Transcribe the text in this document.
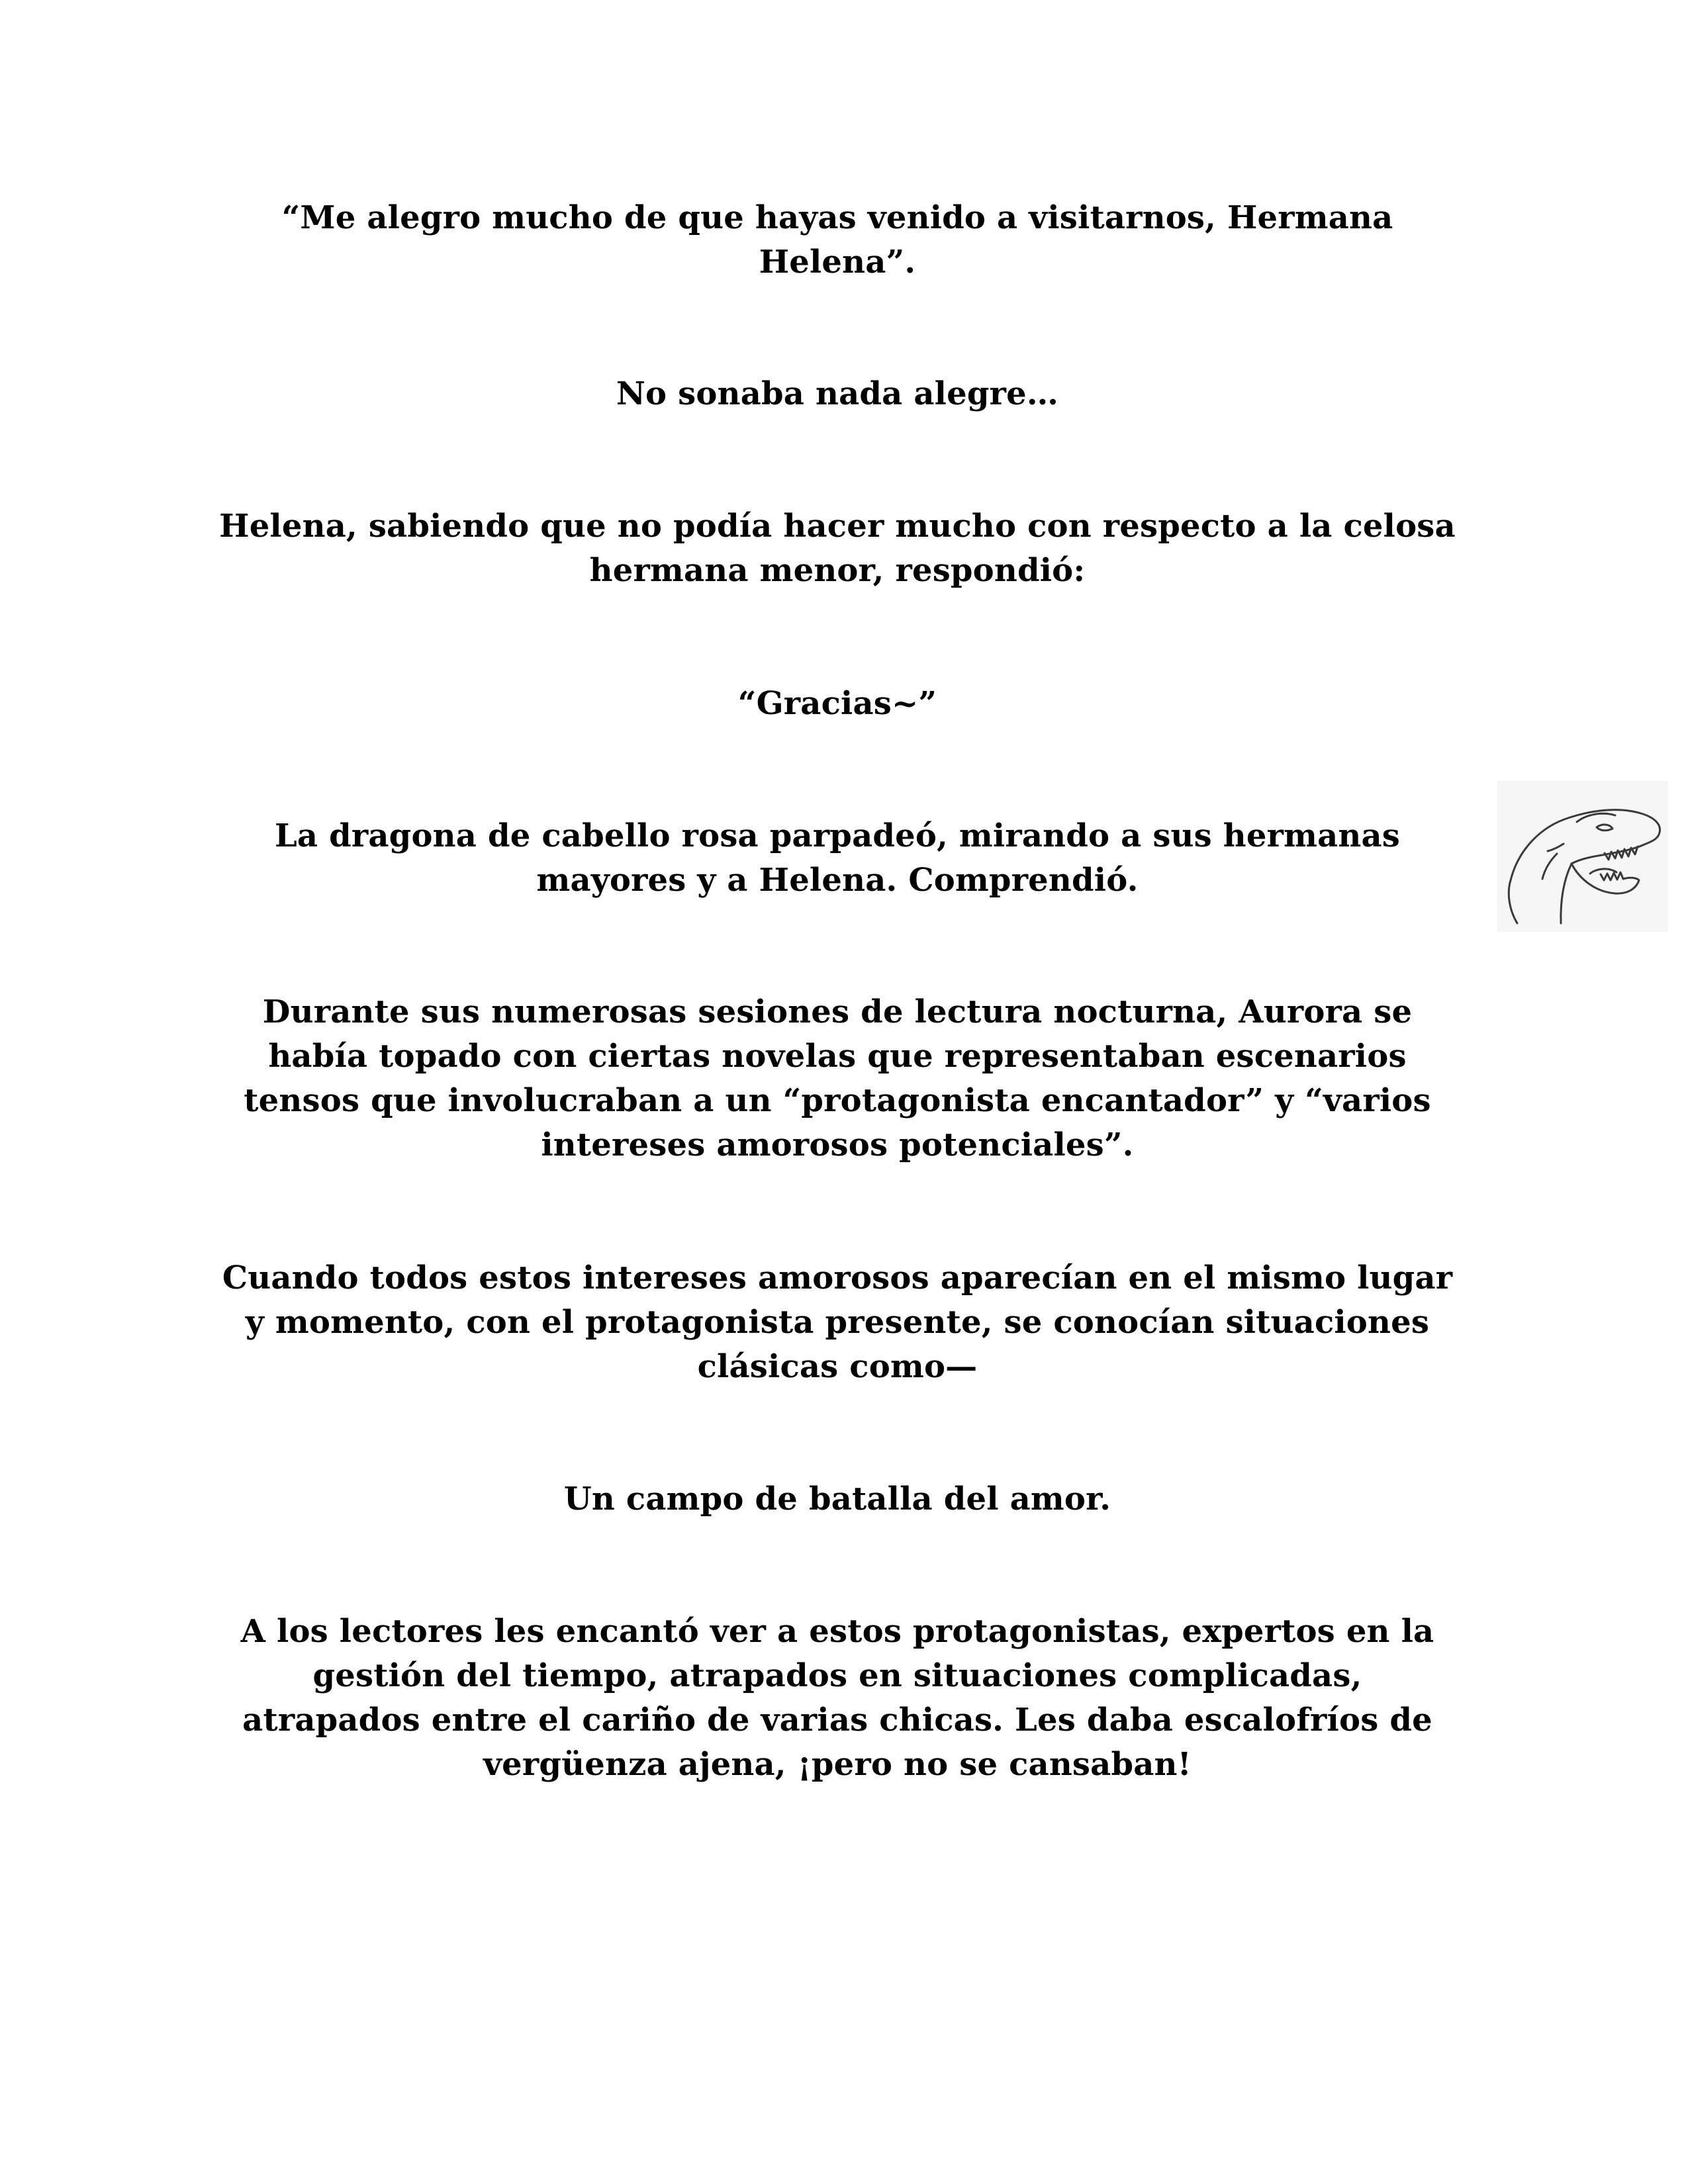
“Me alegro mucho de que hayas venido a visitarnos, Hermana Helena”.

No sonaba nada alegre…

Helena, sabiendo que no podía hacer mucho con respecto a la celosa hermana menor, respondió:

“Gracias~”

La dragona de cabello rosa parpadeó, mirando a sus hermanas mayores y a Helena. Comprendió.

Durante sus numerosas sesiones de lectura nocturna, Aurora se había topado con ciertas novelas que representaban escenarios tensos que involucraban a un “protagonista encantador” y “varios intereses amorosos potenciales”.

Cuando todos estos intereses amorosos aparecían en el mismo lugar y momento, con el protagonista presente, se conocían situaciones clásicas como—

Un campo de batalla del amor.

A los lectores les encantó ver a estos protagonistas, expertos en la gestión del tiempo, atrapados en situaciones complicadas, atrapados entre el cariño de varias chicas. Les daba escalofríos de vergüenza ajena, ¡pero no se cansaban!
